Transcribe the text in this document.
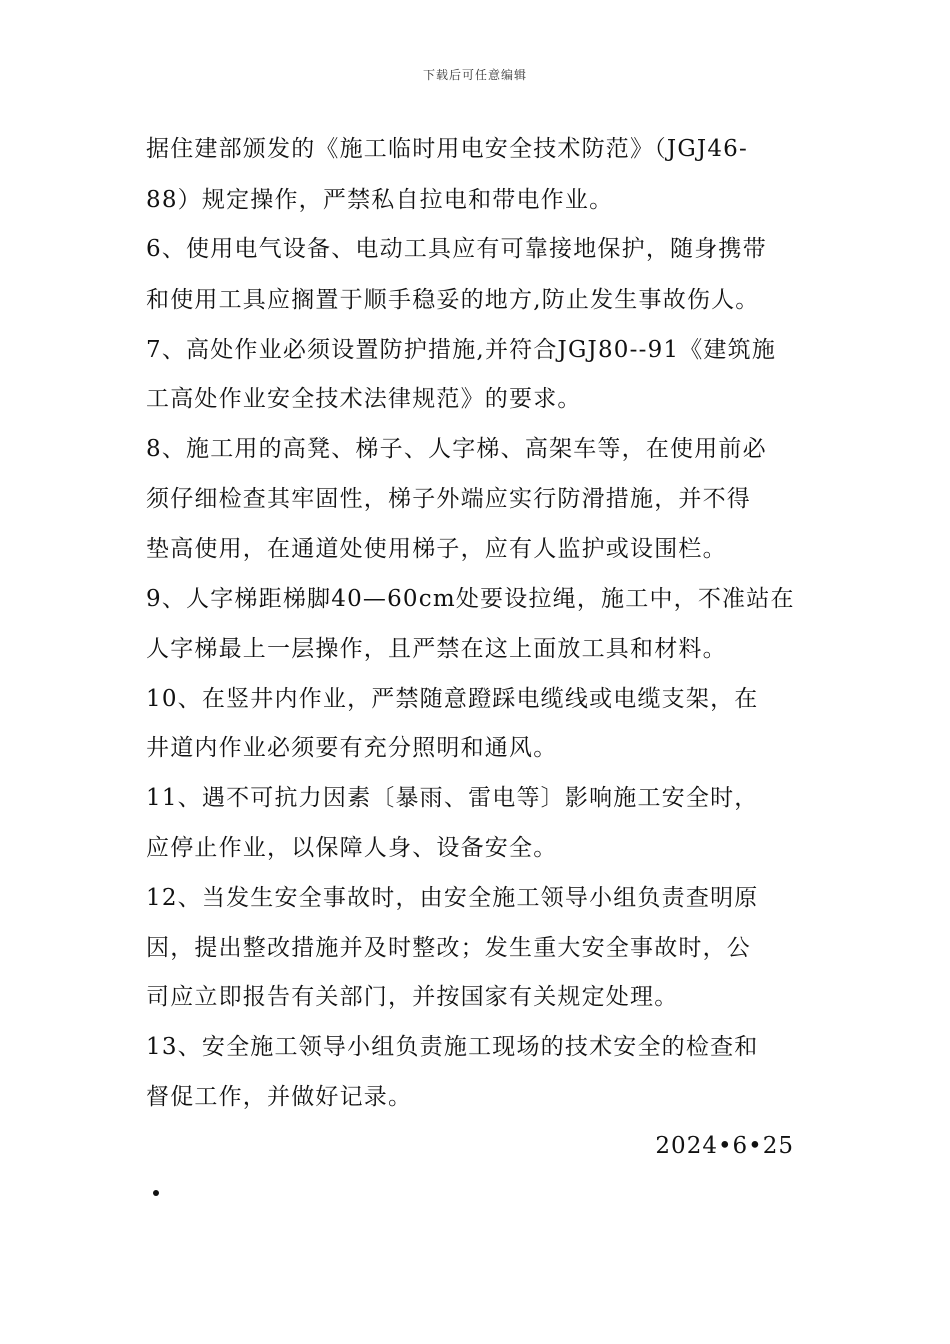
下载后可任意编辑
据住建部颁发的《施工临时用电安全技术防范》（JGJ46-
88）规定操作，严禁私自拉电和带电作业。
6、使用电气设备、电动工具应有可靠接地保护，随身携带
和使用工具应搁置于顺手稳妥的地方,防止发生事故伤人。
7、高处作业必须设置防护措施,并符合JGJ80--91《建筑施
工高处作业安全技术法律规范》的要求。
8、施工用的高凳、梯子、人字梯、高架车等，在使用前必
须仔细检查其牢固性，梯子外端应实行防滑措施，并不得
垫高使用，在通道处使用梯子，应有人监护或设围栏。
9、人字梯距梯脚40—60cm处要设拉绳，施工中，不准站在
人字梯最上一层操作，且严禁在这上面放工具和材料。
10、在竖井内作业，严禁随意蹬踩电缆线或电缆支架，在
井道内作业必须要有充分照明和通风。
11、遇不可抗力因素〔暴雨、雷电等〕影响施工安全时，
应停止作业，以保障人身、设备安全。
12、当发生安全事故时，由安全施工领导小组负责查明原
因，提出整改措施并及时整改；发生重大安全事故时，公
司应立即报告有关部门，并按国家有关规定处理。
13、安全施工领导小组负责施工现场的技术安全的检查和
督促工作，并做好记录。
2024•6•25
